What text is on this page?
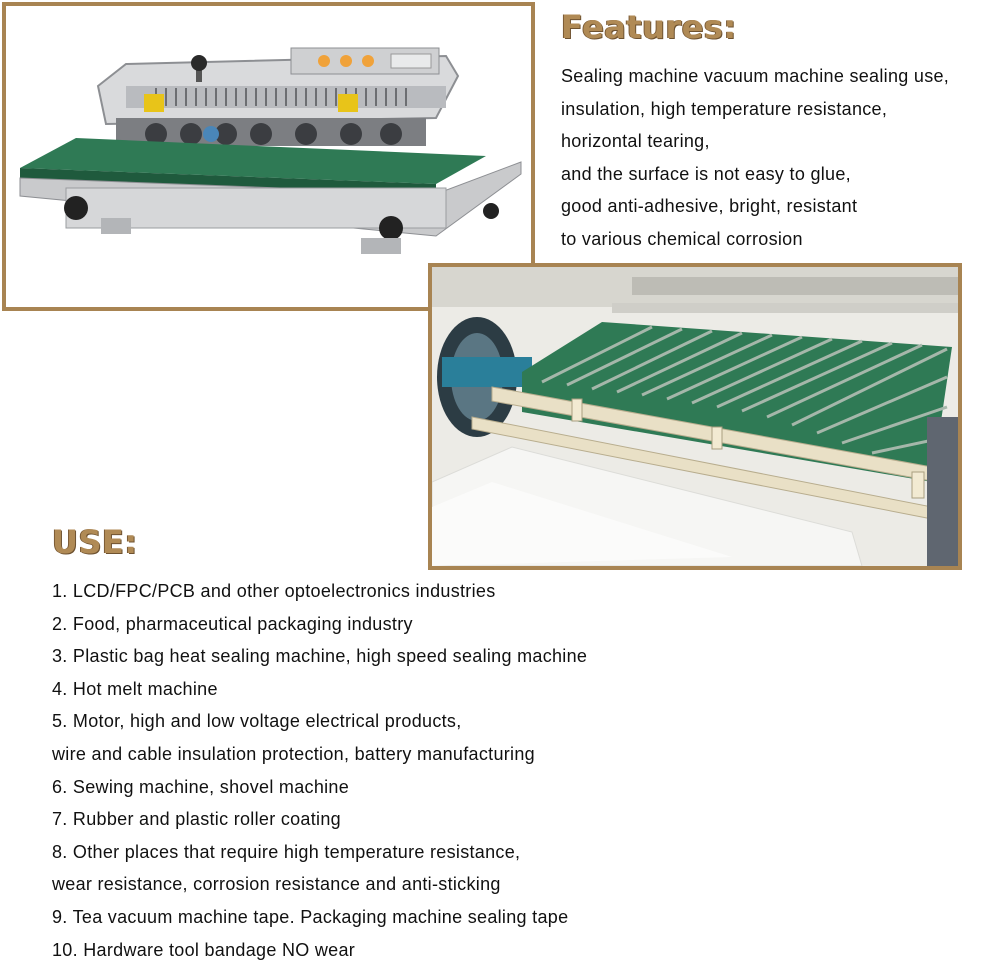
Features:
Sealing machine vacuum machine sealing use,
insulation, high temperature resistance,
horizontal tearing,
and the surface is not easy to glue,
good anti-adhesive, bright, resistant
to various chemical corrosion
USE:
1. LCD/FPC/PCB and other optoelectronics industries
2. Food, pharmaceutical packaging industry
3. Plastic bag heat sealing machine, high speed sealing machine
4. Hot melt machine
5. Motor, high and low voltage electrical products,
wire and cable insulation protection, battery manufacturing
6. Sewing machine, shovel machine
7. Rubber and plastic roller coating
8. Other places that require high temperature resistance,
wear resistance, corrosion resistance and anti-sticking
9. Tea vacuum machine tape. Packaging machine sealing tape
10. Hardware tool bandage NO wear
